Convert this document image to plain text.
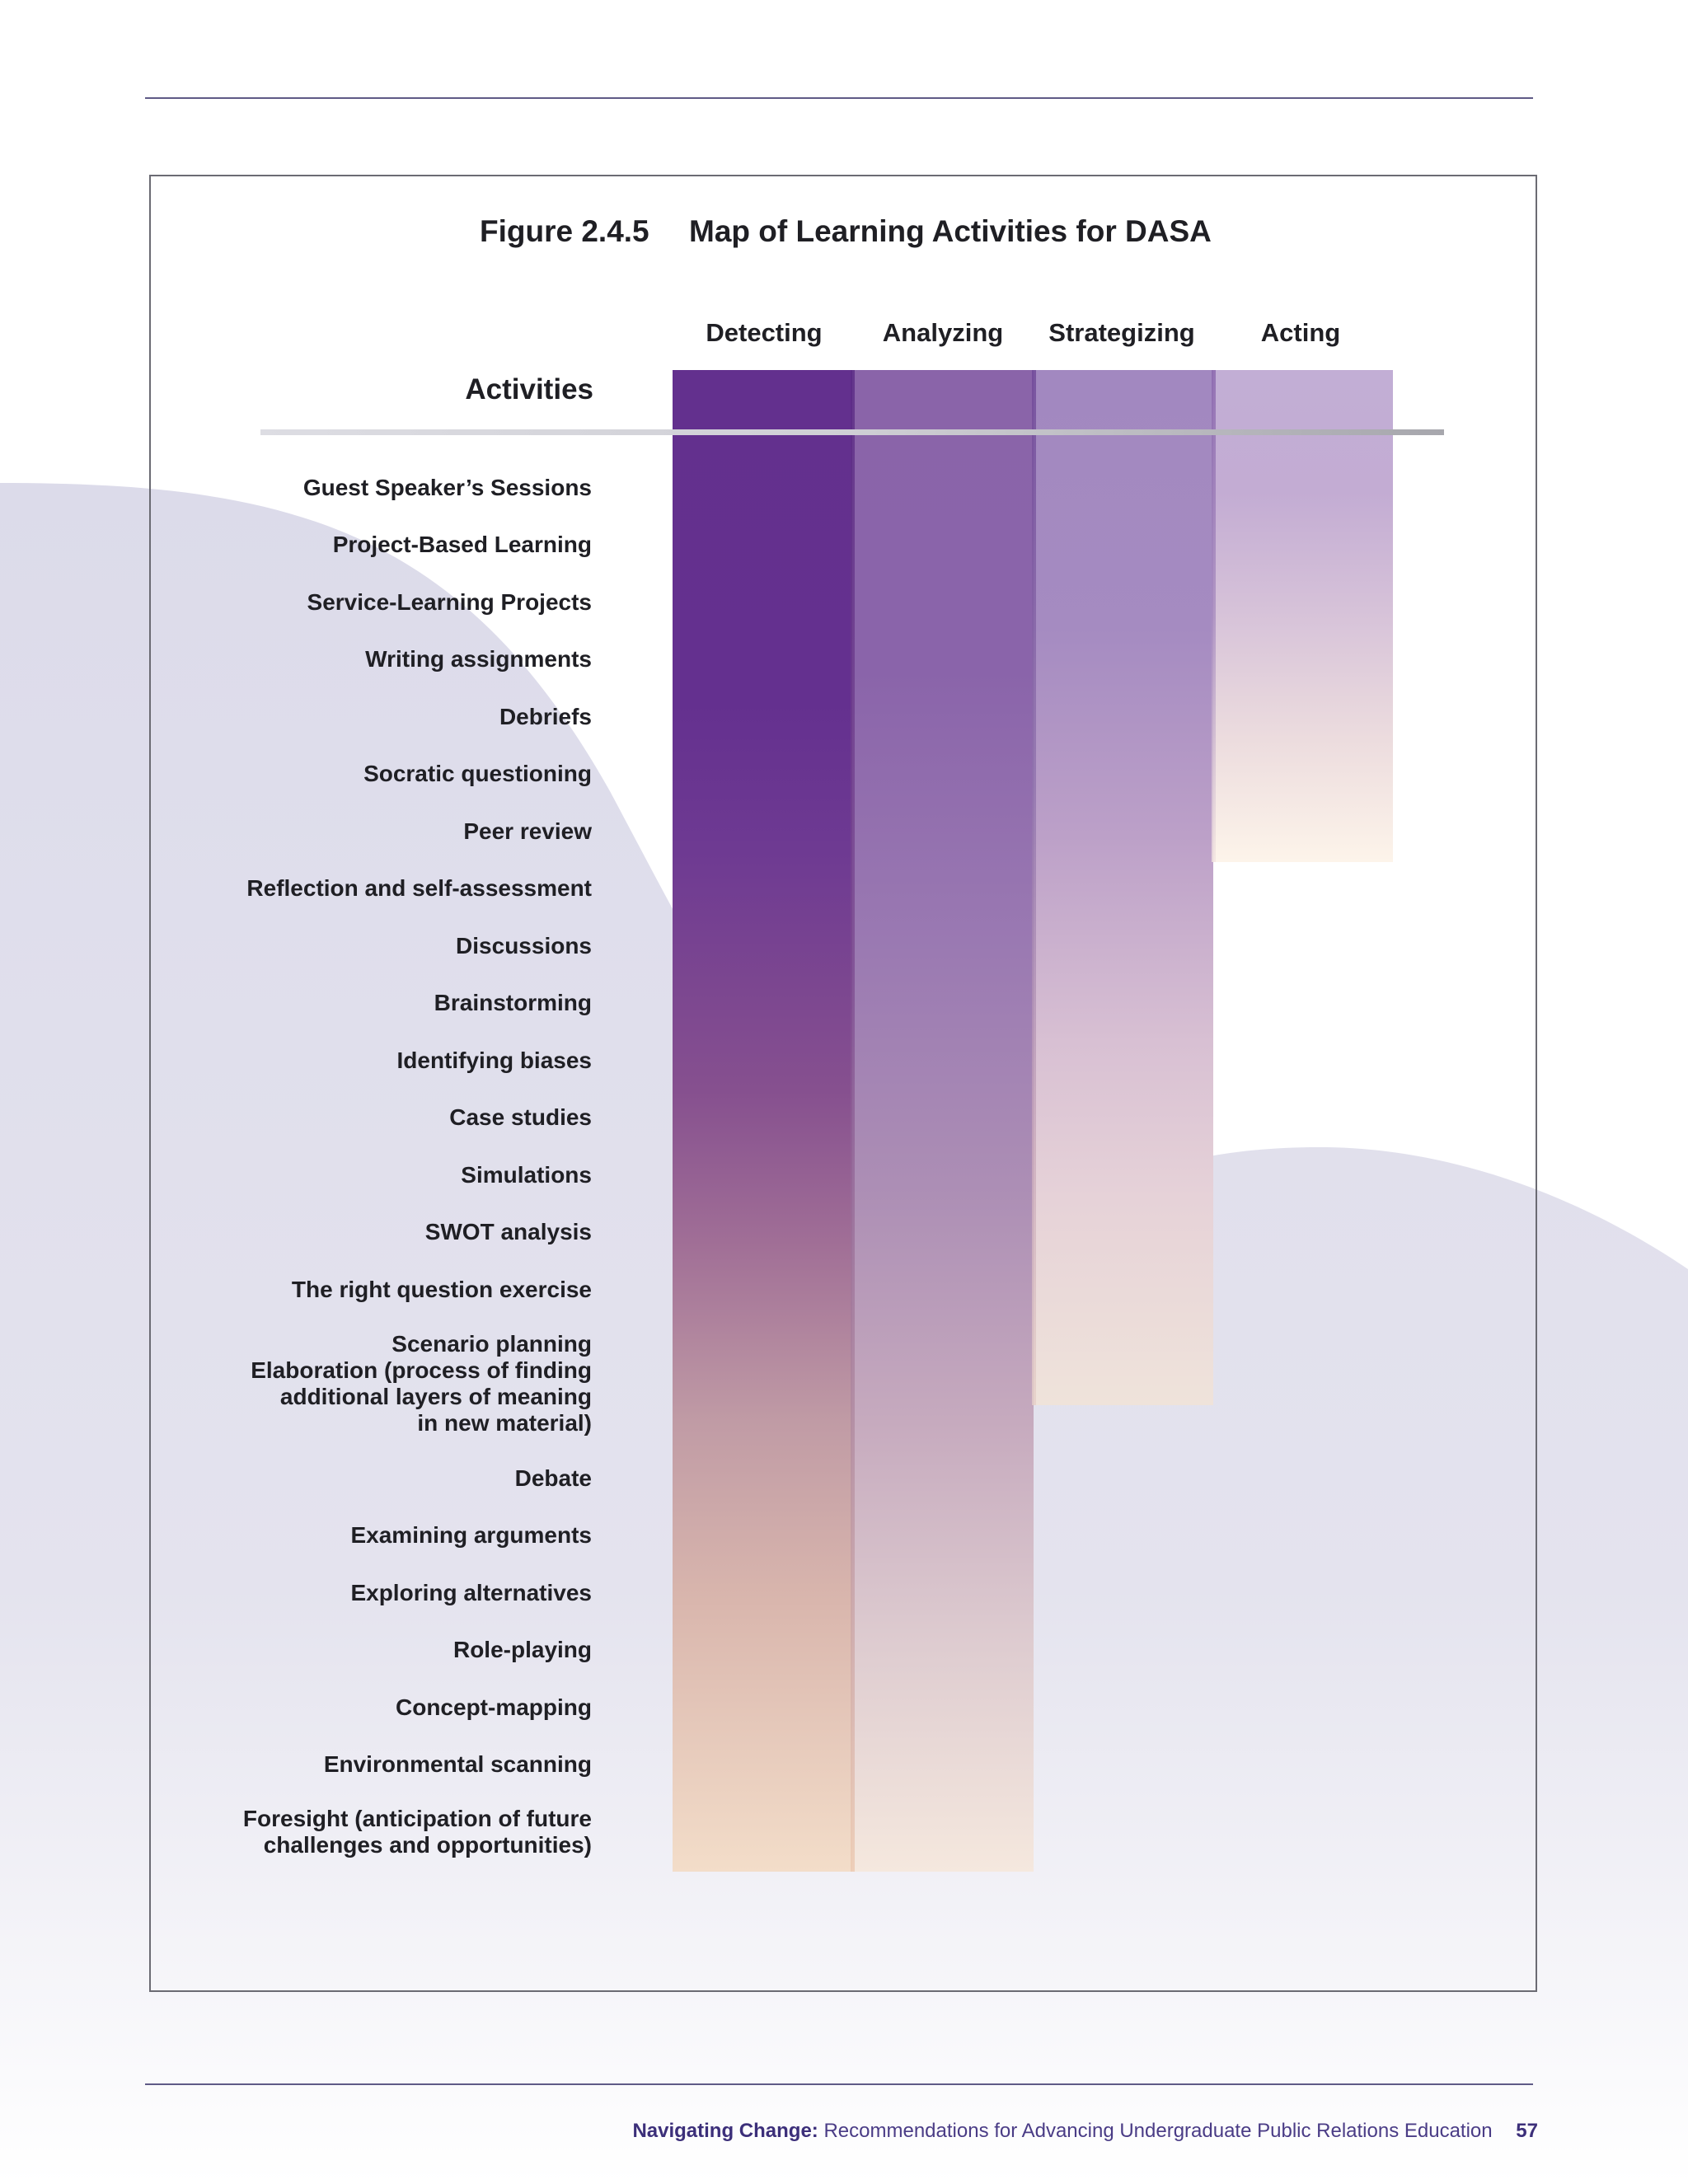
Figure 2.4.5 Map of Learning Activities for DASA
Detecting	Analyzing	Strategizing	Acting
Activities
Guest Speaker’s Sessions
Project-Based Learning
Service-Learning Projects
Writing assignments
Debriefs
Socratic questioning
Peer review
Reflection and self-assessment
Discussions
Brainstorming
Identifying biases
Case studies
Simulations
SWOT analysis
The right question exercise
Scenario planning
Elaboration (process of finding
additional layers of meaning
in new material)
Debate
Examining arguments
Exploring alternatives
Role-playing
Concept-mapping
Environmental scanning
Foresight (anticipation of future
challenges and opportunities)
Navigating Change: Recommendations for Advancing Undergraduate Public Relations Education 57
